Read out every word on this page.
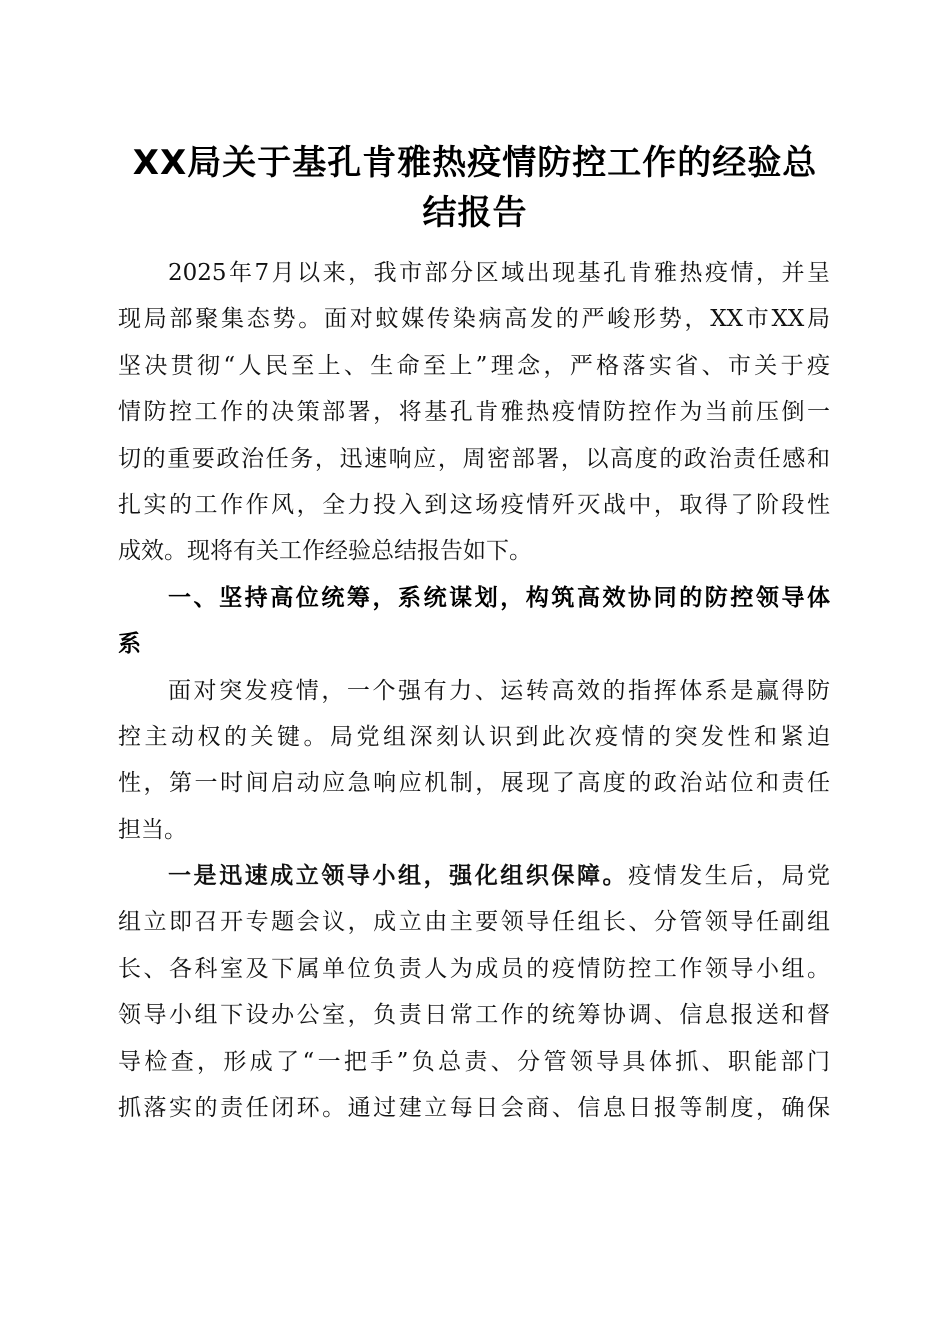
XX局关于基孔肯雅热疫情防控工作的经验总
结报告
2025年7月以来，我市部分区域出现基孔肯雅热疫情，并呈
现局部聚集态势。面对蚊媒传染病高发的严峻形势，XX市XX局
坚决贯彻“人民至上、生命至上”理念，严格落实省、市关于疫
情防控工作的决策部署，将基孔肯雅热疫情防控作为当前压倒一
切的重要政治任务，迅速响应，周密部署，以高度的政治责任感和
扎实的工作作风，全力投入到这场疫情歼灭战中，取得了阶段性
成效。现将有关工作经验总结报告如下。
一、坚持高位统筹，系统谋划，构筑高效协同的防控领导体
系
面对突发疫情，一个强有力、运转高效的指挥体系是赢得防
控主动权的关键。局党组深刻认识到此次疫情的突发性和紧迫
性，第一时间启动应急响应机制，展现了高度的政治站位和责任
担当。
一是迅速成立领导小组，强化组织保障。疫情发生后，局党
组立即召开专题会议，成立由主要领导任组长、分管领导任副组
长、各科室及下属单位负责人为成员的疫情防控工作领导小组。
领导小组下设办公室，负责日常工作的统筹协调、信息报送和督
导检查，形成了“一把手”负总责、分管领导具体抓、职能部门
抓落实的责任闭环。通过建立每日会商、信息日报等制度，确保
